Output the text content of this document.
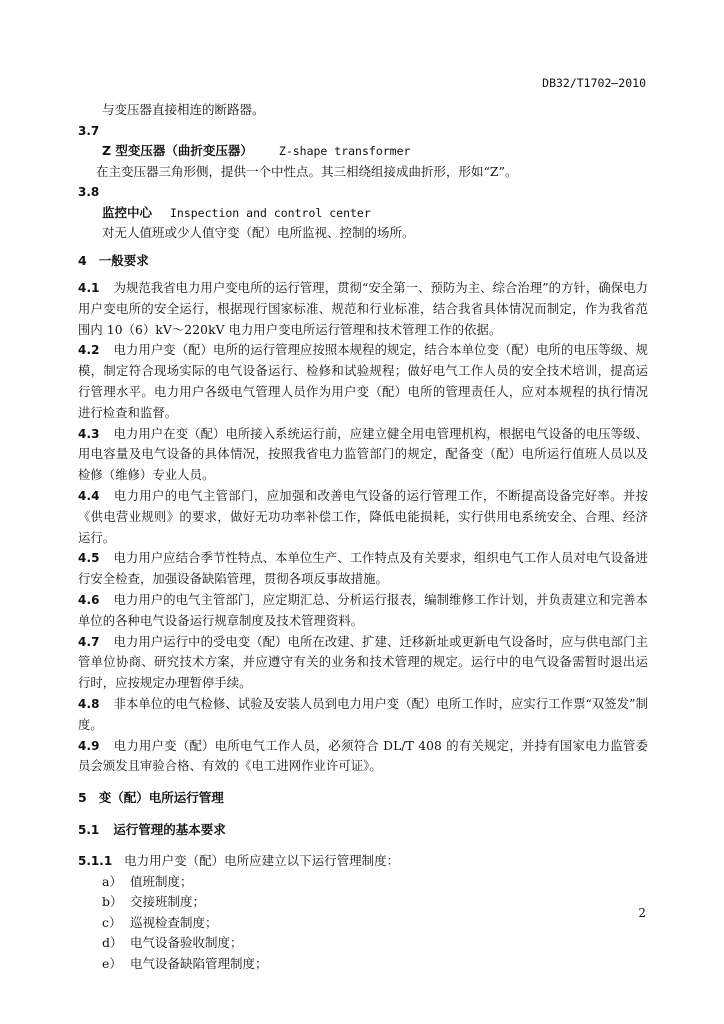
DB32/T1702—2010
与变压器直接相连的断路器。
3.7
Z 型变压器（曲折变压器） Z-shape transformer
在主变压器三角形侧，提供一个中性点。其三相绕组接成曲折形，形如“Z”。
3.8
监控中心 Inspection and control center
对无人值班或少人值守变（配）电所监视、控制的场所。
4 一般要求
4.1 为规范我省电力用户变电所的运行管理，贯彻“安全第一、预防为主、综合治理”的方针，确保电力用户变电所的安全运行，根据现行国家标准、规范和行业标准，结合我省具体情况而制定，作为我省范围内 10（6）kV～220kV 电力用户变电所运行管理和技术管理工作的依据。
4.2 电力用户变（配）电所的运行管理应按照本规程的规定，结合本单位变（配）电所的电压等级、规模，制定符合现场实际的电气设备运行、检修和试验规程；做好电气工作人员的安全技术培训，提高运行管理水平。电力用户各级电气管理人员作为用户变（配）电所的管理责任人，应对本规程的执行情况进行检查和监督。
4.3 电力用户在变（配）电所接入系统运行前，应建立健全用电管理机构，根据电气设备的电压等级、用电容量及电气设备的具体情况，按照我省电力监管部门的规定，配备变（配）电所运行值班人员以及检修（维修）专业人员。
4.4 电力用户的电气主管部门，应加强和改善电气设备的运行管理工作，不断提高设备完好率。并按《供电营业规则》的要求，做好无功功率补偿工作，降低电能损耗，实行供用电系统安全、合理、经济运行。
4.5 电力用户应结合季节性特点、本单位生产、工作特点及有关要求，组织电气工作人员对电气设备进行安全检查，加强设备缺陷管理，贯彻各项反事故措施。
4.6 电力用户的电气主管部门，应定期汇总、分析运行报表，编制维修工作计划，并负责建立和完善本单位的各种电气设备运行规章制度及技术管理资料。
4.7 电力用户运行中的受电变（配）电所在改建、扩建、迁移新址或更新电气设备时，应与供电部门主管单位协商、研究技术方案，并应遵守有关的业务和技术管理的规定。运行中的电气设备需暂时退出运行时，应按规定办理暂停手续。
4.8 非本单位的电气检修、试验及安装人员到电力用户变（配）电所工作时，应实行工作票“双签发”制度。
4.9 电力用户变（配）电所电气工作人员，必须符合 DL/T 408 的有关规定，并持有国家电力监管委员会颁发且审验合格、有效的《电工进网作业许可证》。
5 变（配）电所运行管理
5.1 运行管理的基本要求
5.1.1 电力用户变（配）电所应建立以下运行管理制度：
a） 值班制度；
b） 交接班制度；
c） 巡视检查制度；
d） 电气设备验收制度；
e） 电气设备缺陷管理制度；
2
